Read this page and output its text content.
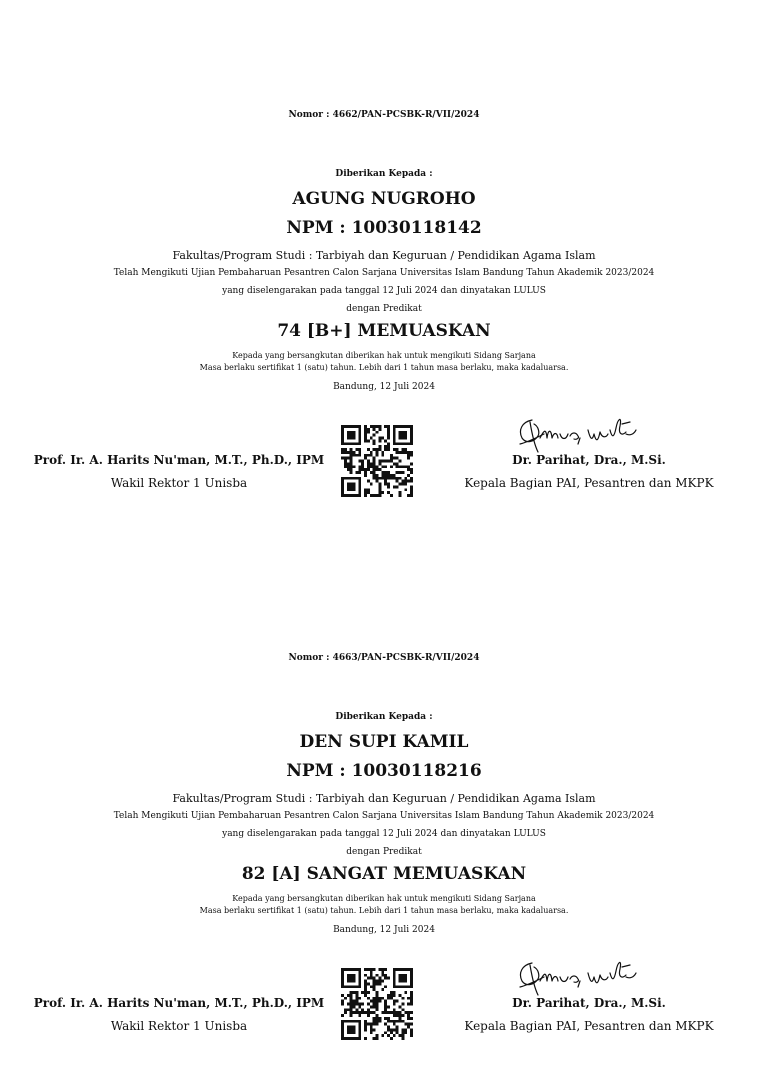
Nomor : 4662/PAN-PCSBK-R/VII/2024
Diberikan Kepada :
AGUNG NUGROHO
NPM : 10030118142
Fakultas/Program Studi : Tarbiyah dan Keguruan / Pendidikan Agama Islam
Telah Mengikuti Ujian Pembaharuan Pesantren Calon Sarjana Universitas Islam Bandung Tahun Akademik 2023/2024
yang diselengarakan pada tanggal 12 Juli 2024 dan dinyatakan LULUS
dengan Predikat
74 [B+] MEMUASKAN
Kepada yang bersangkutan diberikan hak untuk mengikuti Sidang Sarjana
Masa berlaku sertifikat 1 (satu) tahun. Lebih dari 1 tahun masa berlaku, maka kadaluarsa.
Bandung, 12 Juli 2024
Prof. Ir. A. Harits Nu'man, M.T., Ph.D., IPM
Wakil Rektor 1 Unisba
Dr. Parihat, Dra., M.Si.
Kepala Bagian PAI, Pesantren dan MKPK
Nomor : 4663/PAN-PCSBK-R/VII/2024
Diberikan Kepada :
DEN SUPI KAMIL
NPM : 10030118216
Fakultas/Program Studi : Tarbiyah dan Keguruan / Pendidikan Agama Islam
Telah Mengikuti Ujian Pembaharuan Pesantren Calon Sarjana Universitas Islam Bandung Tahun Akademik 2023/2024
yang diselengarakan pada tanggal 12 Juli 2024 dan dinyatakan LULUS
dengan Predikat
82 [A] SANGAT MEMUASKAN
Kepada yang bersangkutan diberikan hak untuk mengikuti Sidang Sarjana
Masa berlaku sertifikat 1 (satu) tahun. Lebih dari 1 tahun masa berlaku, maka kadaluarsa.
Bandung, 12 Juli 2024
Prof. Ir. A. Harits Nu'man, M.T., Ph.D., IPM
Wakil Rektor 1 Unisba
Dr. Parihat, Dra., M.Si.
Kepala Bagian PAI, Pesantren dan MKPK
